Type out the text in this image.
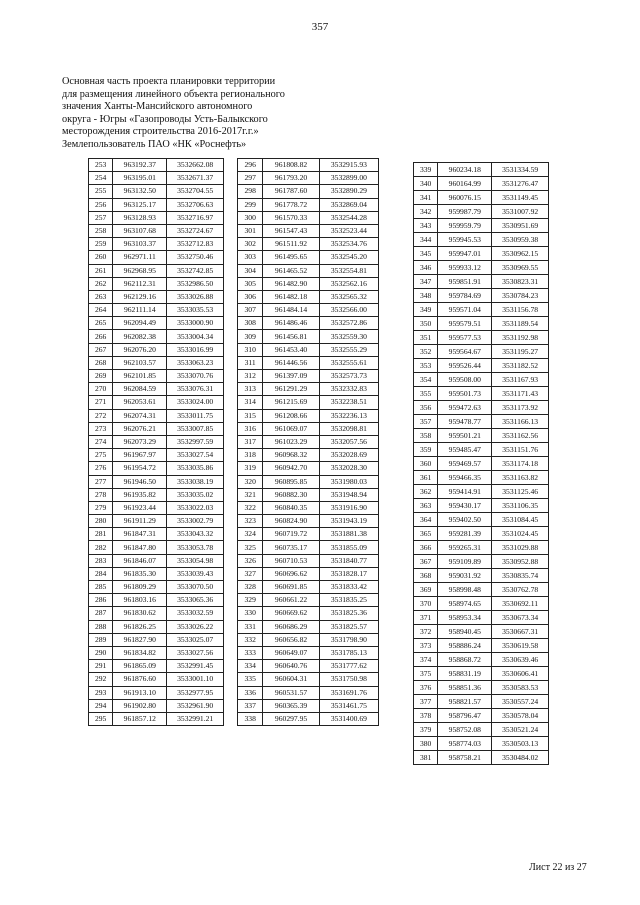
357
Основная часть проекта планировки территории
для размещения линейного объекта регионального
значения Ханты-Мансийского автономного
округа - Югры «Газопроводы Усть-Балыкского
месторождения строительства 2016-2017г.г.»
Землепользователь ПАО «НК «Роснефть»
253	963192.37	3532662.08
254	963195.01	3532671.37
255	963132.50	3532704.55
256	963125.17	3532706.63
257	963128.93	3532716.97
258	963107.68	3532724.67
259	963103.37	3532712.83
260	962971.11	3532750.46
261	962968.95	3532742.85
262	962112.31	3532986.50
263	962129.16	3533026.88
264	962111.14	3533035.53
265	962094.49	3533000.90
266	962082.38	3533004.34
267	962076.20	3533016.99
268	962103.57	3533063.23
269	962101.85	3533070.76
270	962084.59	3533076.31
271	962053.61	3533024.00
272	962074.31	3533011.75
273	962076.21	3533007.85
274	962073.29	3532997.59
275	961967.97	3533027.54
276	961954.72	3533035.86
277	961946.50	3533038.19
278	961935.82	3533035.02
279	961923.44	3533022.03
280	961911.29	3533002.79
281	961847.31	3533043.32
282	961847.80	3533053.78
283	961846.07	3533054.98
284	961835.30	3533039.43
285	961809.29	3533070.50
286	961803.16	3533065.36
287	961830.62	3533032.59
288	961826.25	3533026.22
289	961827.90	3533025.07
290	961834.82	3533027.56
291	961865.09	3532991.45
292	961876.60	3533001.10
293	961913.10	3532977.95
294	961902.80	3532961.90
295	961857.12	3532991.21
296	961808.82	3532915.93
297	961793.20	3532899.00
298	961787.60	3532890.29
299	961778.72	3532869.04
300	961570.33	3532544.28
301	961547.43	3532523.44
302	961511.92	3532534.76
303	961495.65	3532545.20
304	961465.52	3532554.81
305	961482.90	3532562.16
306	961482.18	3532565.32
307	961484.14	3532566.00
308	961486.46	3532572.86
309	961456.81	3532559.30
310	961453.40	3532555.29
311	961446.56	3532555.61
312	961397.09	3532573.73
313	961291.29	3532332.83
314	961215.69	3532238.51
315	961208.66	3532236.13
316	961069.07	3532098.81
317	961023.29	3532057.56
318	960968.32	3532028.69
319	960942.70	3532028.30
320	960895.85	3531980.03
321	960882.30	3531948.94
322	960840.35	3531916.90
323	960824.90	3531943.19
324	960719.72	3531881.38
325	960735.17	3531855.09
326	960710.53	3531840.77
327	960696.62	3531828.17
328	960691.85	3531833.42
329	960661.22	3531835.25
330	960669.62	3531825.36
331	960686.29	3531825.57
332	960656.82	3531798.90
333	960649.07	3531785.13
334	960640.76	3531777.62
335	960604.31	3531750.98
336	960531.57	3531691.76
337	960365.39	3531461.75
338	960297.95	3531400.69
339	960234.18	3531334.59
340	960164.99	3531276.47
341	960076.15	3531149.45
342	959987.79	3531007.92
343	959959.79	3530951.69
344	959945.53	3530959.38
345	959947.01	3530962.15
346	959933.12	3530969.55
347	959851.91	3530823.31
348	959784.69	3530784.23
349	959571.04	3531156.78
350	959579.51	3531189.54
351	959577.53	3531192.98
352	959564.67	3531195.27
353	959526.44	3531182.52
354	959508.00	3531167.93
355	959501.73	3531171.43
356	959472.63	3531173.92
357	959478.77	3531166.13
358	959501.21	3531162.56
359	959485.47	3531151.76
360	959469.57	3531174.18
361	959466.35	3531163.82
362	959414.91	3531125.46
363	959430.17	3531106.35
364	959402.50	3531084.45
365	959281.39	3531024.45
366	959265.31	3531029.88
367	959109.89	3530952.88
368	959031.92	3530835.74
369	958998.48	3530762.78
370	958974.65	3530692.11
371	958953.34	3530673.34
372	958940.45	3530667.31
373	958886.24	3530619.58
374	958868.72	3530639.46
375	958831.19	3530606.41
376	958851.36	3530583.53
377	958821.57	3530557.24
378	958796.47	3530578.04
379	958752.08	3530521.24
380	958774.03	3530503.13
381	958758.21	3530484.02
Лист 22 из 27
